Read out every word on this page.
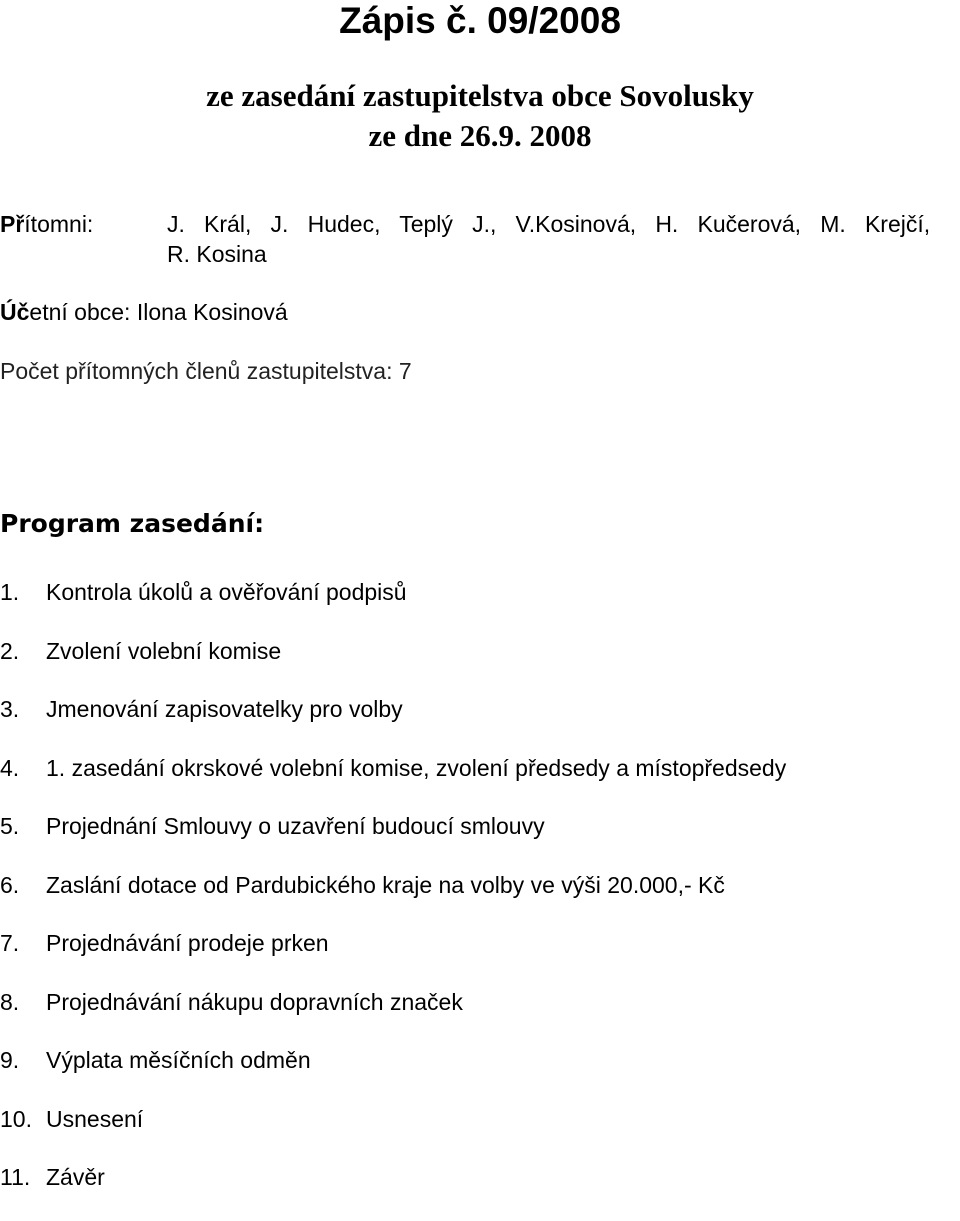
Zápis č. 09/2008
ze zasedání zastupitelstva obce Sovolusky
ze dne 26.9. 2008
Přítomni:	J.   Král,   J.   Hudec,   Teplý   J.,   V.Kosinová,   H.   Kučerová,   M.   Krejčí,
R. Kosina
Účetní obce: Ilona Kosinová
Počet přítomných členů zastupitelstva: 7
Program zasedání:
1. Kontrola úkolů a ověřování podpisů
2. Zvolení volební komise
3. Jmenování zapisovatelky pro volby
4. 1. zasedání okrskové volební komise, zvolení předsedy a místopředsedy
5. Projednání Smlouvy o uzavření budoucí smlouvy
6. Zaslání dotace od Pardubického kraje na volby ve výši 20.000,- Kč
7. Projednávání prodeje prken
8. Projednávání nákupu dopravních značek
9. Výplata měsíčních odměn
10. Usnesení
11. Závěr
